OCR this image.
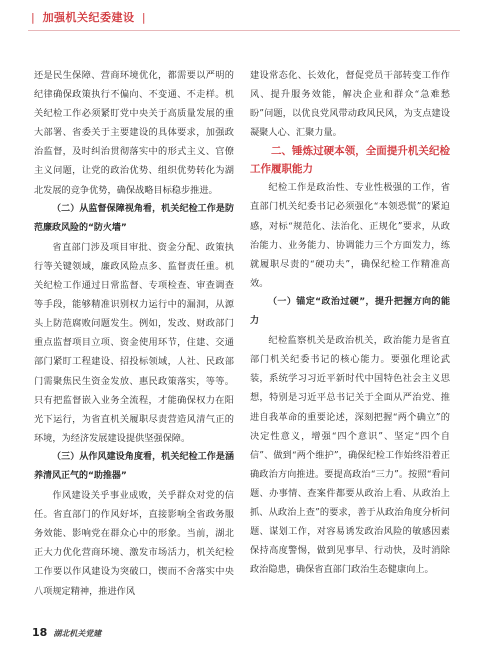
| 加强机关纪委建设 |

还是民生保障、营商环境优化，都需要以严明的纪律确保政策执行不偏向、不变通、不走样。机关纪检工作必须紧盯党中央关于高质量发展的重大部署、省委关于主要建设的具体要求，加强政治监督，及时纠治贯彻落实中的形式主义、官僚主义问题，让党的政治优势、组织优势转化为湖北发展的竞争优势，确保战略目标稳步推进。

（二）从监督保障视角看，机关纪检工作是防范廉政风险的“防火墙”

省直部门涉及项目审批、资金分配、政策执行等关键领域，廉政风险点多、监督责任重。机关纪检工作通过日常监督、专项检查、审查调查等手段，能够精准识别权力运行中的漏洞，从源头上防范腐败问题发生。例如，发改、财政部门重点监督项目立项、资金使用环节，住建、交通部门紧盯工程建设、招投标领域，人社、民政部门需聚焦民生资金发放、惠民政策落实，等等。只有把监督嵌入业务全流程，才能确保权力在阳光下运行，为省直机关履职尽责营造风清气正的环境，为经济发展建设提供坚强保障。

（三）从作风建设角度看，机关纪检工作是涵养清风正气的“助推器”

作风建设关乎事业成败，关乎群众对党的信任。省直部门的作风好坏，直接影响全省政务服务效能、影响党在群众心中的形象。当前，湖北正大力优化营商环境、激发市场活力，机关纪检工作要以作风建设为突破口，锲而不舍落实中央八项规定精神，推进作风

建设常态化、长效化，督促党员干部转变工作作风、提升服务效能，解决企业和群众“急难愁盼”问题，以优良党风带动政风民风，为支点建设凝聚人心、汇聚力量。

二、锤炼过硬本领，全面提升机关纪检工作履职能力

纪检工作是政治性、专业性极强的工作，省直部门机关纪委书记必须强化“本领恐慌”的紧迫感，对标“规范化、法治化、正规化”要求，从政治能力、业务能力、协调能力三个方面发力，练就履职尽责的“硬功夫”，确保纪检工作精准高效。

（一）锚定“政治过硬”，提升把握方向的能力

纪检监察机关是政治机关，政治能力是省直部门机关纪委书记的核心能力。要强化理论武装，系统学习习近平新时代中国特色社会主义思想，特别是习近平总书记关于全面从严治党、推进自我革命的重要论述，深刻把握“两个确立”的决定性意义，增强“四个意识”、坚定“四个自信”、做到“两个维护”，确保纪检工作始终沿着正确政治方向推进。要提高政治“三力”。按照“看问题、办事情、查案件都要从政治上看、从政治上抓、从政治上查”的要求，善于从政治角度分析问题、谋划工作，对容易诱发政治风险的敏感因素保持高度警惕，做到见事早、行动快，及时消除政治隐患，确保省直部门政治生态健康向上。

18 湖北机关党建
